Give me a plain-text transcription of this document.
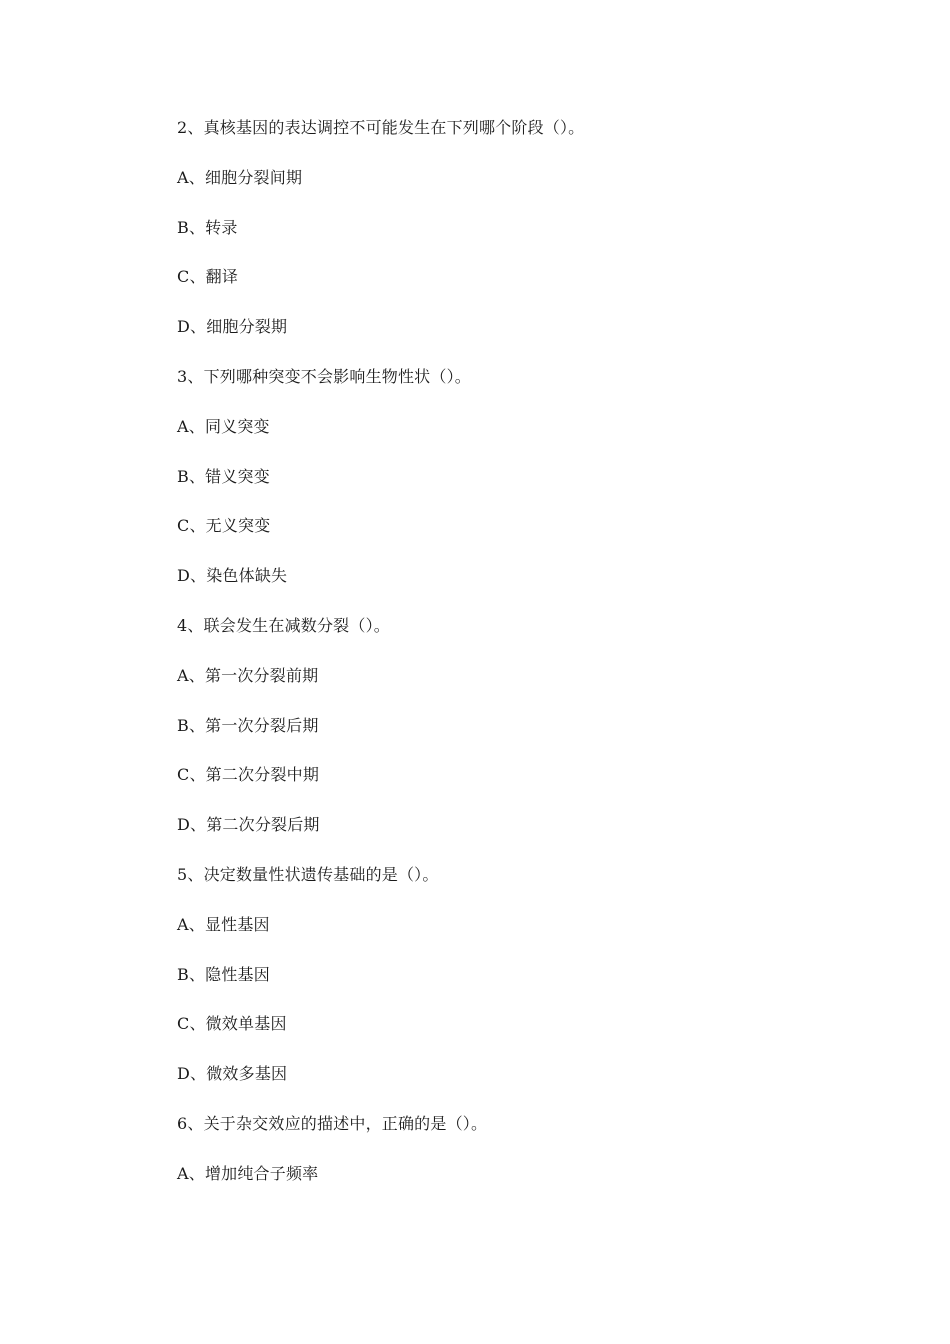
2、真核基因的表达调控不可能发生在下列哪个阶段（）。
A、细胞分裂间期
B、转录
C、翻译
D、细胞分裂期
3、下列哪种突变不会影响生物性状（）。
A、同义突变
B、错义突变
C、无义突变
D、染色体缺失
4、联会发生在减数分裂（）。
A、第一次分裂前期
B、第一次分裂后期
C、第二次分裂中期
D、第二次分裂后期
5、决定数量性状遗传基础的是（）。
A、显性基因
B、隐性基因
C、微效单基因
D、微效多基因
6、关于杂交效应的描述中，正确的是（）。
A、增加纯合子频率
